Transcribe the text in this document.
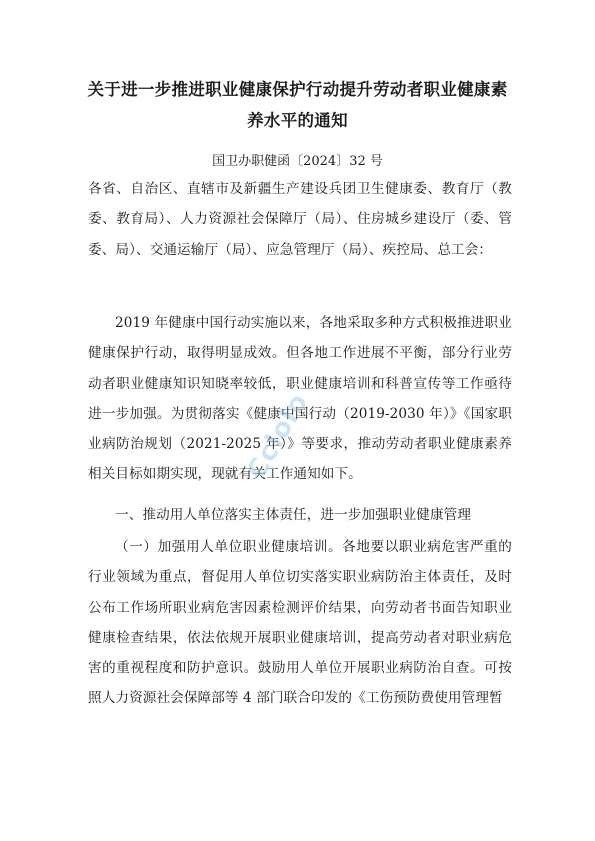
关于进一步推进职业健康保护行动提升劳动者职业健康素
养水平的通知
国卫办职健函〔2024〕32 号
各省、自治区、直辖市及新疆生产建设兵团卫生健康委、教育厅（教委、教育局）、人力资源社会保障厅（局）、住房城乡建设厅（委、管委、局）、交通运输厅（局）、应急管理厅（局）、疾控局、总工会：
2019 年健康中国行动实施以来，各地采取多种方式积极推进职业健康保护行动，取得明显成效。但各地工作进展不平衡，部分行业劳动者职业健康知识知晓率较低，职业健康培训和科普宣传等工作亟待进一步加强。为贯彻落实《健康中国行动（2019-2030 年）》《国家职业病防治规划（2021-2025 年）》等要求，推动劳动者职业健康素养相关目标如期实现，现就有关工作通知如下。
一、推动用人单位落实主体责任，进一步加强职业健康管理
（一）加强用人单位职业健康培训。各地要以职业病危害严重的行业领域为重点，督促用人单位切实落实职业病防治主体责任，及时公布工作场所职业病危害因素检测评价结果，向劳动者书面告知职业健康检查结果，依法依规开展职业健康培训，提高劳动者对职业病危害的重视程度和防护意识。鼓励用人单位开展职业病防治自查。可按照人力资源社会保障部等 4 部门联合印发的《工伤预防费使用管理暂
Cclolo
